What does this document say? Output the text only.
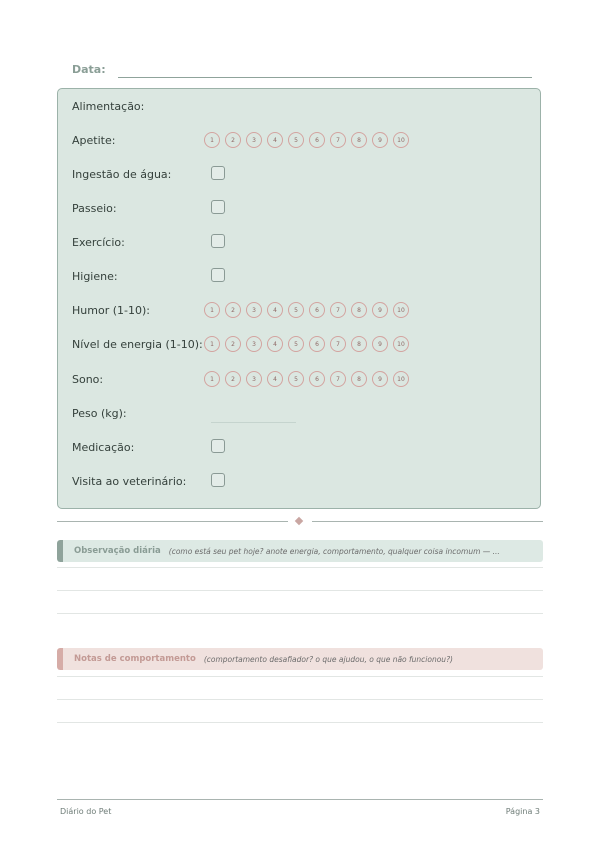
Data:
Alimentação:
Apetite:	1	2	3	4	5	6	7	8	9	10
Ingestão de água:
Passeio:
Exercício:
Higiene:
Humor (1-10):	1	2	3	4	5	6	7	8	9	10
Nível de energia (1-10):	1	2	3	4	5	6	7	8	9	10
Sono:	1	2	3	4	5	6	7	8	9	10
Peso (kg):
Medicação:
Visita ao veterinário:
Observação diária (como está seu pet hoje? anote energia, comportamento, qualquer coisa incomum — ...
Notas de comportamento (comportamento desafiador? o que ajudou, o que não funcionou?)
Diário do Pet	Página 3
